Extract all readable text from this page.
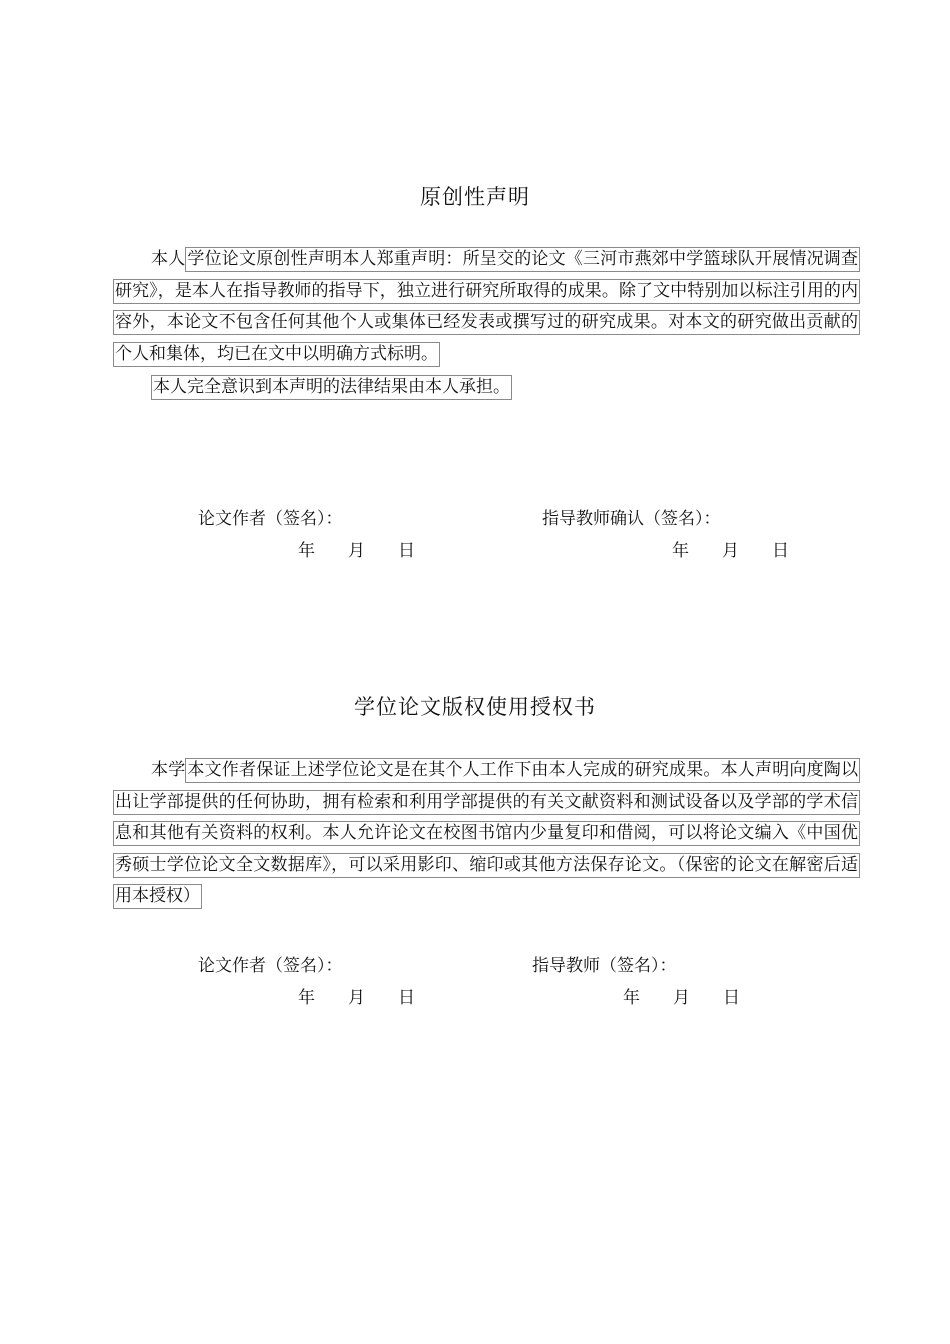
原创性声明

本人 学位论文原创性声明本人郑重声明：所呈交的论文《三河市燕郊中学篮球队开展情况调查研究》，是本人在指导教师的指导下，独立进行研究所取得的成果。除了文中特别加以标注引用的内容外，本论文不包含任何其他个人或集体已经发表或撰写过的研究成果。对本文的研究做出贡献的个人和集体，均已在文中以明确方式标明。

本人完全意识到本声明的法律结果由本人承担。

论文作者（签名）：	指导教师确认（签名）：
年 月 日	年 月 日
学位论文版权使用授权书

本学 本文作者保证上述学位论文是在其个人工作下由本人完成的研究成果。本人声明向度陶以出让学部提供的任何协助，拥有检索和利用学部提供的有关文献资料和测试设备以及学部的学术信息和其他有关资料的权利。本人允许论文在校图书馆内少量复印和借阅，可以将论文编入《中国优秀硕士学位论文全文数据库》，可以采用影印、缩印或其他方法保存论文。（保密的论文在解密后适用本授权）

论文作者（签名）：	指导教师（签名）：
年 月 日	年 月 日
